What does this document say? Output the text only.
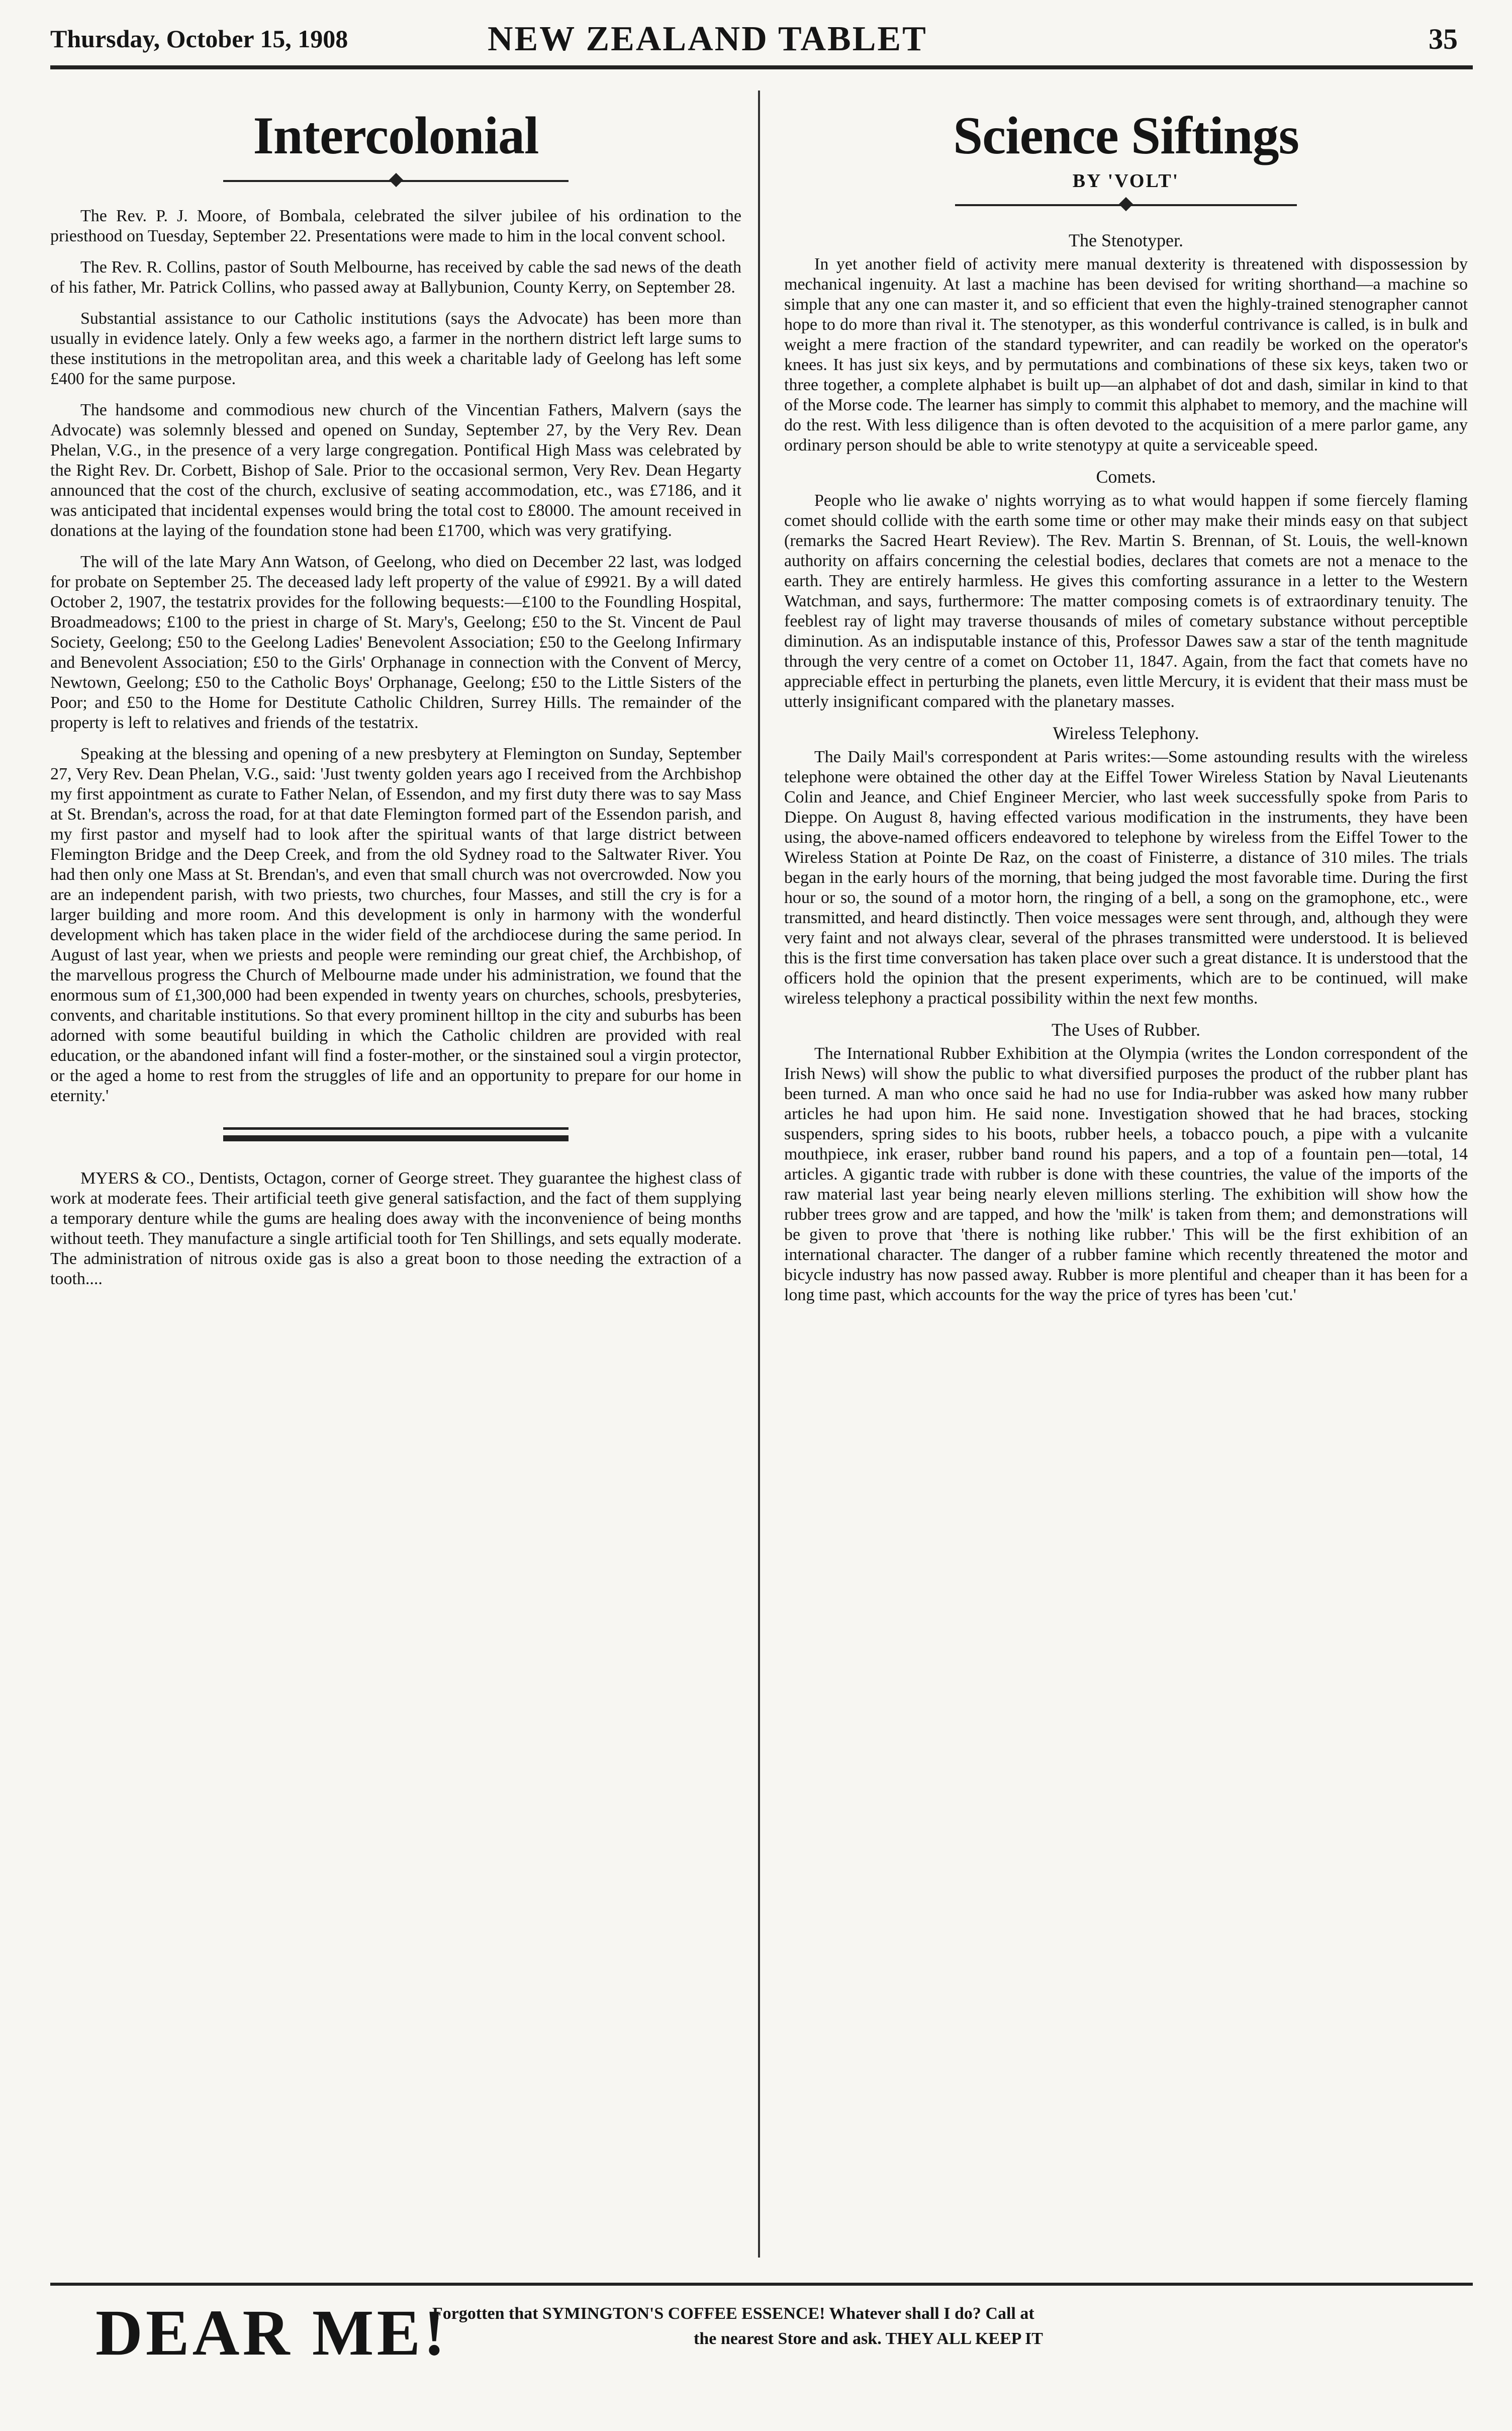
Thursday, October 15, 1908	NEW ZEALAND TABLET	35
Intercolonial

The Rev. P. J. Moore, of Bombala, celebrated the silver jubilee of his ordination to the priesthood on Tuesday, September 22. Presentations were made to him in the local convent school.

The Rev. R. Collins, pastor of South Melbourne, has received by cable the sad news of the death of his father, Mr. Patrick Collins, who passed away at Ballybunion, County Kerry, on September 28.

Substantial assistance to our Catholic institutions (says the Advocate) has been more than usually in evidence lately. Only a few weeks ago, a farmer in the northern district left large sums to these institutions in the metropolitan area, and this week a charitable lady of Geelong has left some £400 for the same purpose.

The handsome and commodious new church of the Vincentian Fathers, Malvern (says the Advocate) was solemnly blessed and opened on Sunday, September 27, by the Very Rev. Dean Phelan, V.G., in the presence of a very large congregation. Pontifical High Mass was celebrated by the Right Rev. Dr. Corbett, Bishop of Sale. Prior to the occasional sermon, Very Rev. Dean Hegarty announced that the cost of the church, exclusive of seating accommodation, etc., was £7186, and it was anticipated that incidental expenses would bring the total cost to £8000. The amount received in donations at the laying of the foundation stone had been £1700, which was very gratifying.

The will of the late Mary Ann Watson, of Geelong, who died on December 22 last, was lodged for probate on September 25. The deceased lady left property of the value of £9921. By a will dated October 2, 1907, the testatrix provides for the following bequests:—£100 to the Foundling Hospital, Broadmeadows; £100 to the priest in charge of St. Mary's, Geelong; £50 to the St. Vincent de Paul Society, Geelong; £50 to the Geelong Ladies' Benevolent Association; £50 to the Geelong Infirmary and Benevolent Association; £50 to the Girls' Orphanage in connection with the Convent of Mercy, Newtown, Geelong; £50 to the Catholic Boys' Orphanage, Geelong; £50 to the Little Sisters of the Poor; and £50 to the Home for Destitute Catholic Children, Surrey Hills. The remainder of the property is left to relatives and friends of the testatrix.

Speaking at the blessing and opening of a new presbytery at Flemington on Sunday, September 27, Very Rev. Dean Phelan, V.G., said: 'Just twenty golden years ago I received from the Archbishop my first appointment as curate to Father Nelan, of Essendon, and my first duty there was to say Mass at St. Brendan's, across the road, for at that date Flemington formed part of the Essendon parish, and my first pastor and myself had to look after the spiritual wants of that large district between Flemington Bridge and the Deep Creek, and from the old Sydney road to the Saltwater River. You had then only one Mass at St. Brendan's, and even that small church was not overcrowded. Now you are an independent parish, with two priests, two churches, four Masses, and still the cry is for a larger building and more room. And this development is only in harmony with the wonderful development which has taken place in the wider field of the archdiocese during the same period. In August of last year, when we priests and people were reminding our great chief, the Archbishop, of the marvellous progress the Church of Melbourne made under his administration, we found that the enormous sum of £1,300,000 had been expended in twenty years on churches, schools, presbyteries, convents, and charitable institutions. So that every prominent hilltop in the city and suburbs has been adorned with some beautiful building in which the Catholic children are provided with real education, or the abandoned infant will find a foster-mother, or the sinstained soul a virgin protector, or the aged a home to rest from the struggles of life and an opportunity to prepare for our home in eternity.'

MYERS & CO., Dentists, Octagon, corner of George street. They guarantee the highest class of work at moderate fees. Their artificial teeth give general satisfaction, and the fact of them supplying a temporary denture while the gums are healing does away with the inconvenience of being months without teeth. They manufacture a single artificial tooth for Ten Shillings, and sets equally moderate. The administration of nitrous oxide gas is also a great boon to those needing the extraction of a tooth....

Science Siftings
BY 'VOLT'
The Stenotyper.

In yet another field of activity mere manual dexterity is threatened with dispossession by mechanical ingenuity. At last a machine has been devised for writing shorthand—a machine so simple that any one can master it, and so efficient that even the highly-trained stenographer cannot hope to do more than rival it. The stenotyper, as this wonderful contrivance is called, is in bulk and weight a mere fraction of the standard typewriter, and can readily be worked on the operator's knees. It has just six keys, and by permutations and combinations of these six keys, taken two or three together, a complete alphabet is built up—an alphabet of dot and dash, similar in kind to that of the Morse code. The learner has simply to commit this alphabet to memory, and the machine will do the rest. With less diligence than is often devoted to the acquisition of a mere parlor game, any ordinary person should be able to write stenotypy at quite a serviceable speed.

Comets.

People who lie awake o' nights worrying as to what would happen if some fiercely flaming comet should collide with the earth some time or other may make their minds easy on that subject (remarks the Sacred Heart Review). The Rev. Martin S. Brennan, of St. Louis, the well-known authority on affairs concerning the celestial bodies, declares that comets are not a menace to the earth. They are entirely harmless. He gives this comforting assurance in a letter to the Western Watchman, and says, furthermore: The matter composing comets is of extraordinary tenuity. The feeblest ray of light may traverse thousands of miles of cometary substance without perceptible diminution. As an indisputable instance of this, Professor Dawes saw a star of the tenth magnitude through the very centre of a comet on October 11, 1847. Again, from the fact that comets have no appreciable effect in perturbing the planets, even little Mercury, it is evident that their mass must be utterly insignificant compared with the planetary masses.

Wireless Telephony.

The Daily Mail's correspondent at Paris writes:—Some astounding results with the wireless telephone were obtained the other day at the Eiffel Tower Wireless Station by Naval Lieutenants Colin and Jeance, and Chief Engineer Mercier, who last week successfully spoke from Paris to Dieppe. On August 8, having effected various modification in the instruments, they have been using, the above-named officers endeavored to telephone by wireless from the Eiffel Tower to the Wireless Station at Pointe De Raz, on the coast of Finisterre, a distance of 310 miles. The trials began in the early hours of the morning, that being judged the most favorable time. During the first hour or so, the sound of a motor horn, the ringing of a bell, a song on the gramophone, etc., were transmitted, and heard distinctly. Then voice messages were sent through, and, although they were very faint and not always clear, several of the phrases transmitted were understood. It is believed this is the first time conversation has taken place over such a great distance. It is understood that the officers hold the opinion that the present experiments, which are to be continued, will make wireless telephony a practical possibility within the next few months.

The Uses of Rubber.

The International Rubber Exhibition at the Olympia (writes the London correspondent of the Irish News) will show the public to what diversified purposes the product of the rubber plant has been turned. A man who once said he had no use for India-rubber was asked how many rubber articles he had upon him. He said none. Investigation showed that he had braces, stocking suspenders, spring sides to his boots, rubber heels, a tobacco pouch, a pipe with a vulcanite mouthpiece, ink eraser, rubber band round his papers, and a top of a fountain pen—total, 14 articles. A gigantic trade with rubber is done with these countries, the value of the imports of the raw material last year being nearly eleven millions sterling. The exhibition will show how the rubber trees grow and are tapped, and how the 'milk' is taken from them; and demonstrations will be given to prove that 'there is nothing like rubber.' This will be the first exhibition of an international character. The danger of a rubber famine which recently threatened the motor and bicycle industry has now passed away. Rubber is more plentiful and cheaper than it has been for a long time past, which accounts for the way the price of tyres has been 'cut.'

DEAR ME!
Forgotten that SYMINGTON'S COFFEE ESSENCE! Whatever shall I do? Call at
the nearest Store and ask. THEY ALL KEEP IT
